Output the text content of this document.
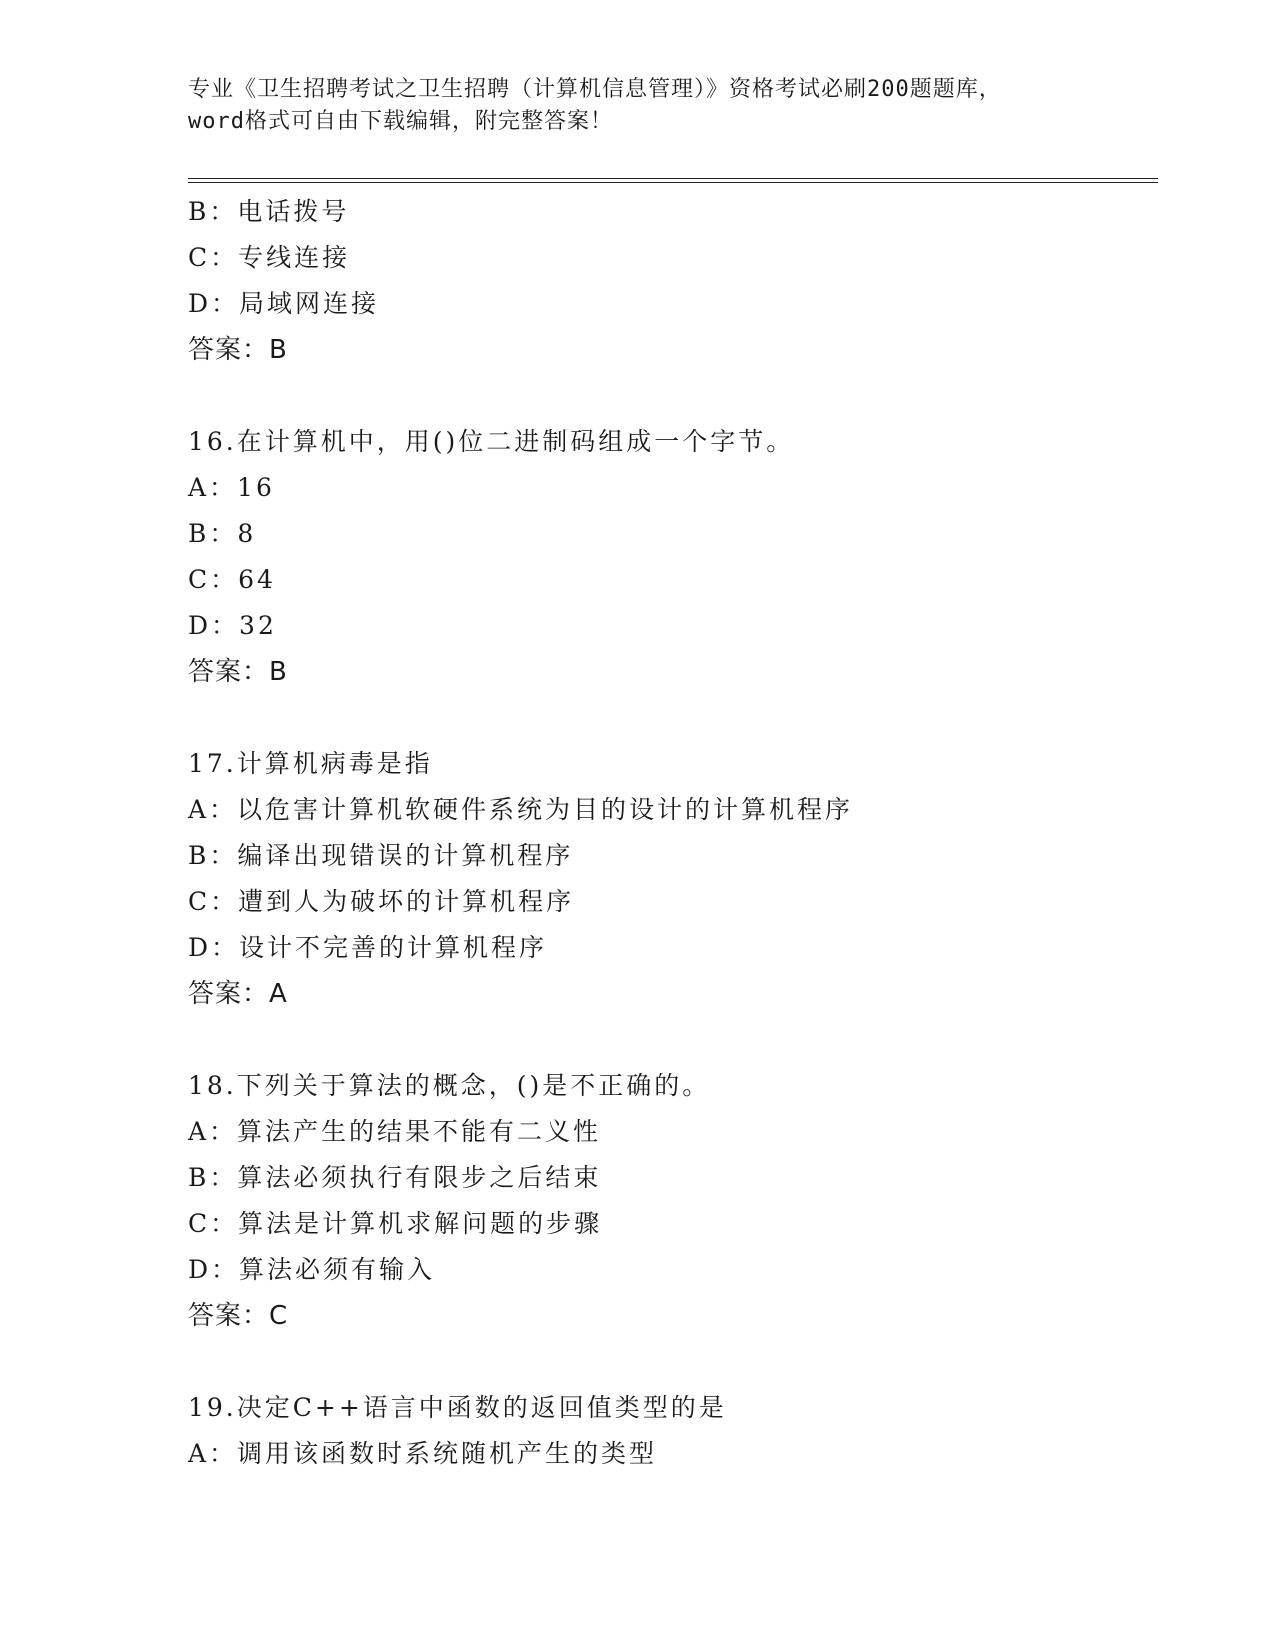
专业《卫生招聘考试之卫生招聘（计算机信息管理）》资格考试必刷200题题库，
word格式可自由下载编辑，附完整答案！
B：电话拨号
C：专线连接
D：局域网连接
答案：B
16.在计算机中，用()位二进制码组成一个字节。
A：16
B：8
C：64
D：32
答案：B
17.计算机病毒是指
A：以危害计算机软硬件系统为目的设计的计算机程序
B：编译出现错误的计算机程序
C：遭到人为破坏的计算机程序
D：设计不完善的计算机程序
答案：A
18.下列关于算法的概念，()是不正确的。
A：算法产生的结果不能有二义性
B：算法必须执行有限步之后结束
C：算法是计算机求解问题的步骤
D：算法必须有输入
答案：C
19.决定C++语言中函数的返回值类型的是
A：调用该函数时系统随机产生的类型
